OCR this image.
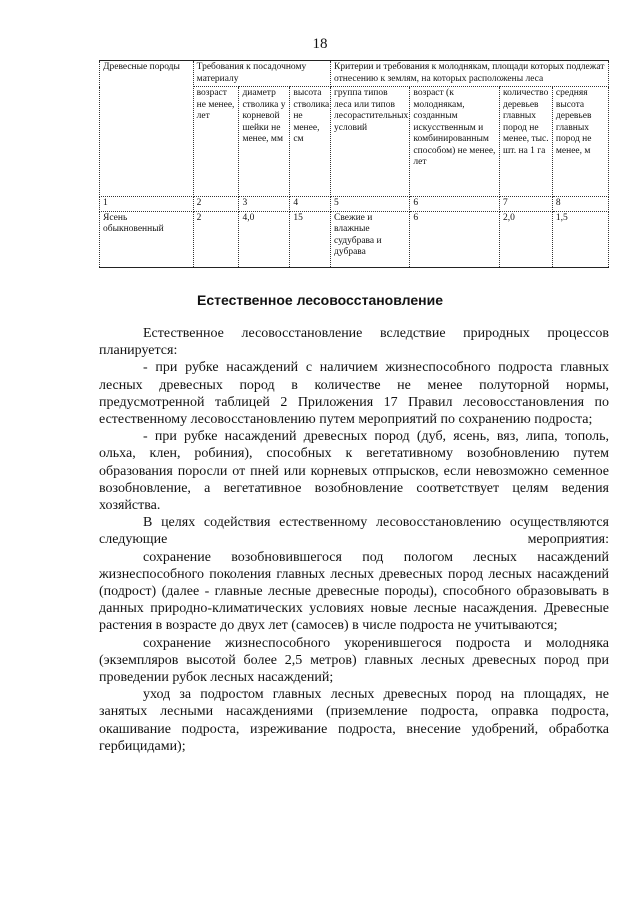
18
Древесные породы	Требования к посадочному материалу			Критерии и требования к молоднякам, площади которых подлежат отнесению к землям, на которых расположены леса			
	возраст не менее, лет	диаметр стволика у корневой шейки не менее, мм	высота стволика не менее, см	группа типов леса или типов лесорастительных условий	возраст (к молоднякам, созданным искусственным и комбинированным способом) не менее, лет	количество деревьев главных пород не менее, тыс. шт. на 1 га	средняя высота деревьев главных пород не менее, м
1	2	3	4	5	6	7	8
Ясень обыкновенный	2	4,0	15	Свежие и влажные судубрава и дубрава	6	2,0	1,5
Естественное лесовосстановление

Естественное лесовосстановление вследствие природных процессов планируется:

- при рубке насаждений с наличием жизнеспособного подроста главных лесных древесных пород в количестве не менее полуторной нормы, предусмотренной таблицей 2 Приложения 17 Правил лесовосстановления по естественному лесовосстановлению путем мероприятий по сохранению подроста;

- при рубке насаждений древесных пород (дуб, ясень, вяз, липа, тополь, ольха, клен, робиния), способных к вегетативному возобновлению путем образования поросли от пней или корневых отпрысков, если невозможно семенное возобновление, а вегетативное возобновление соответствует целям ведения хозяйства.

В целях содействия естественному лесовосстановлению осуществляются следующие мероприятия:

сохранение возобновившегося под пологом лесных насаждений жизнеспособного поколения главных лесных древесных пород лесных насаждений (подрост) (далее - главные лесные древесные породы), способного образовывать в данных природно-климатических условиях новые лесные насаждения. Древесные растения в возрасте до двух лет (самосев) в числе подроста не учитываются;

сохранение жизнеспособного укоренившегося подроста и молодняка (экземпляров высотой более 2,5 метров) главных лесных древесных пород при проведении рубок лесных насаждений;

уход за подростом главных лесных древесных пород на площадях, не занятых лесными насаждениями (приземление подроста, оправка подроста, окашивание подроста, изреживание подроста, внесение удобрений, обработка гербицидами);
